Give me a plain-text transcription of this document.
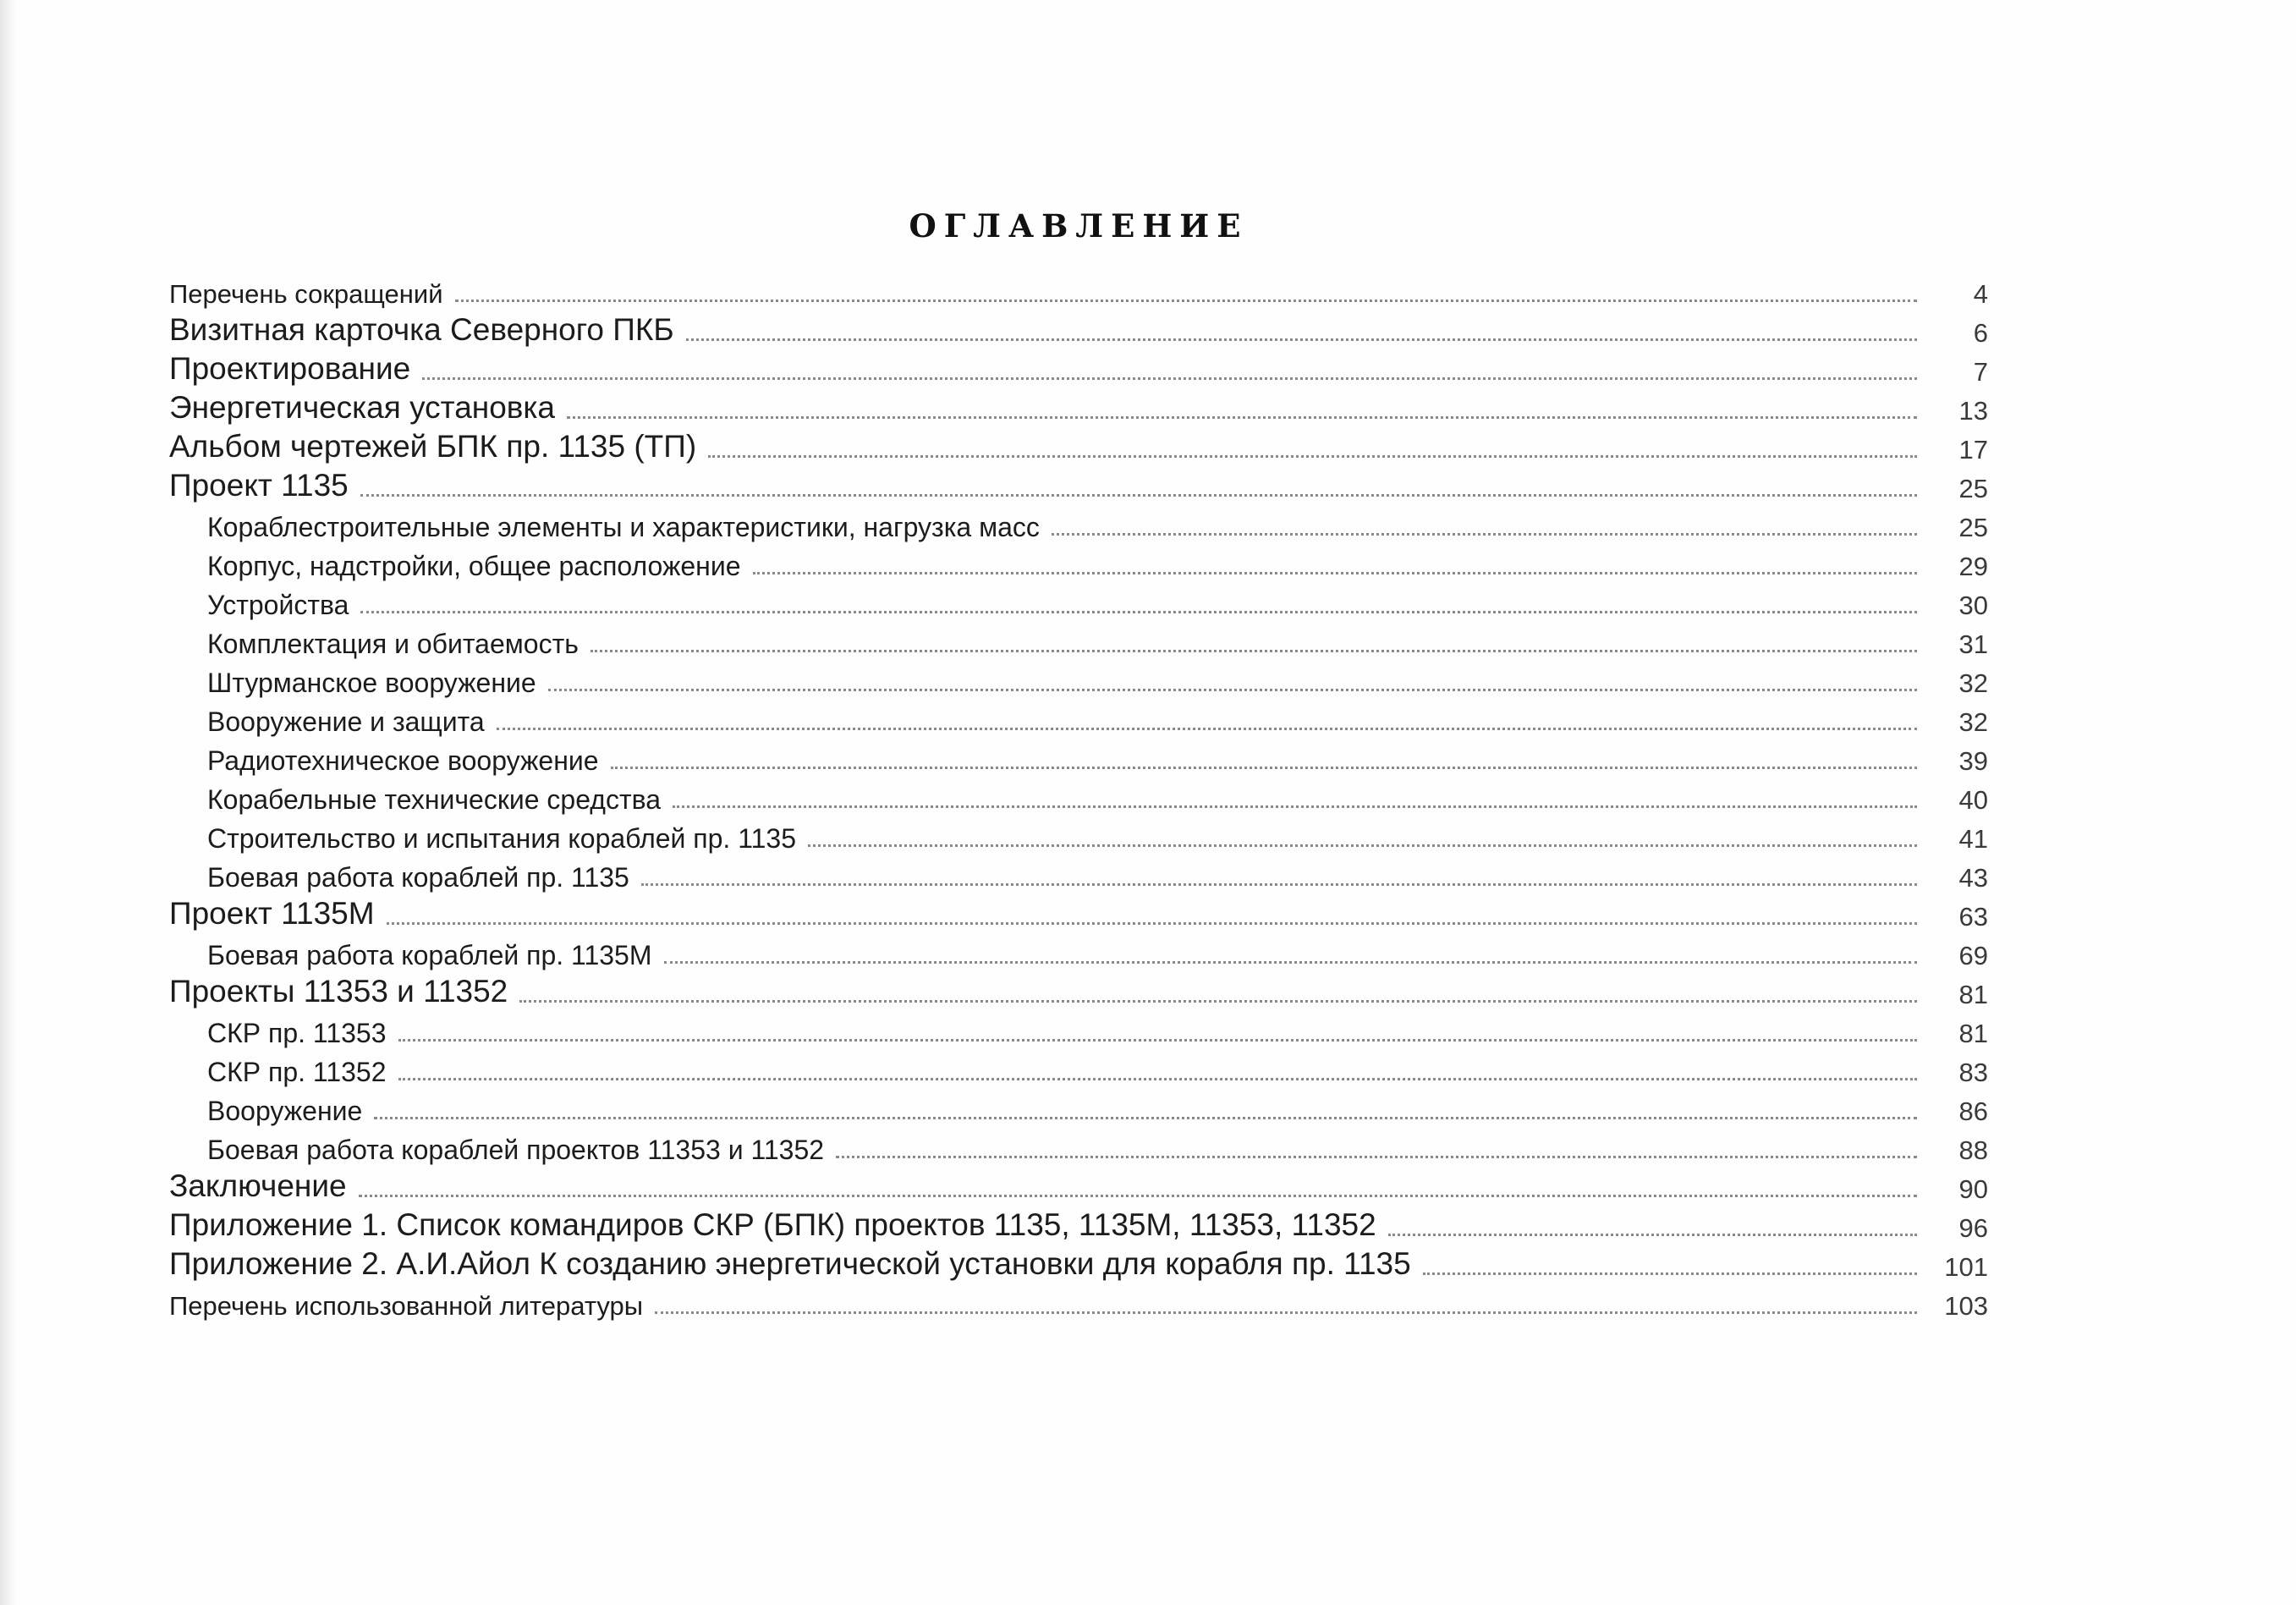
ОГЛАВЛЕНИЕ
Перечень сокращений	4
Визитная карточка Северного ПКБ	6
Проектирование	7
Энергетическая установка	13
Альбом чертежей БПК пр. 1135 (ТП)	17
Проект 1135	25
Кораблестроительные элементы и характеристики, нагрузка масс	25
Корпус, надстройки, общее расположение	29
Устройства	30
Комплектация и обитаемость	31
Штурманское вооружение	32
Вооружение и защита	32
Радиотехническое вооружение	39
Корабельные технические средства	40
Строительство и испытания кораблей пр. 1135	41
Боевая работа кораблей пр. 1135	43
Проект 1135М	63
Боевая работа кораблей пр. 1135М	69
Проекты 11353 и 11352	81
СКР пр. 11353	81
СКР пр. 11352	83
Вооружение	86
Боевая работа кораблей проектов 11353 и 11352	88
Заключение	90
Приложение 1. Список командиров СКР (БПК) проектов 1135, 1135М, 11353, 11352	96
Приложение 2. А.И.Айол К созданию энергетической установки для корабля пр. 1135	101
Перечень использованной литературы	103
